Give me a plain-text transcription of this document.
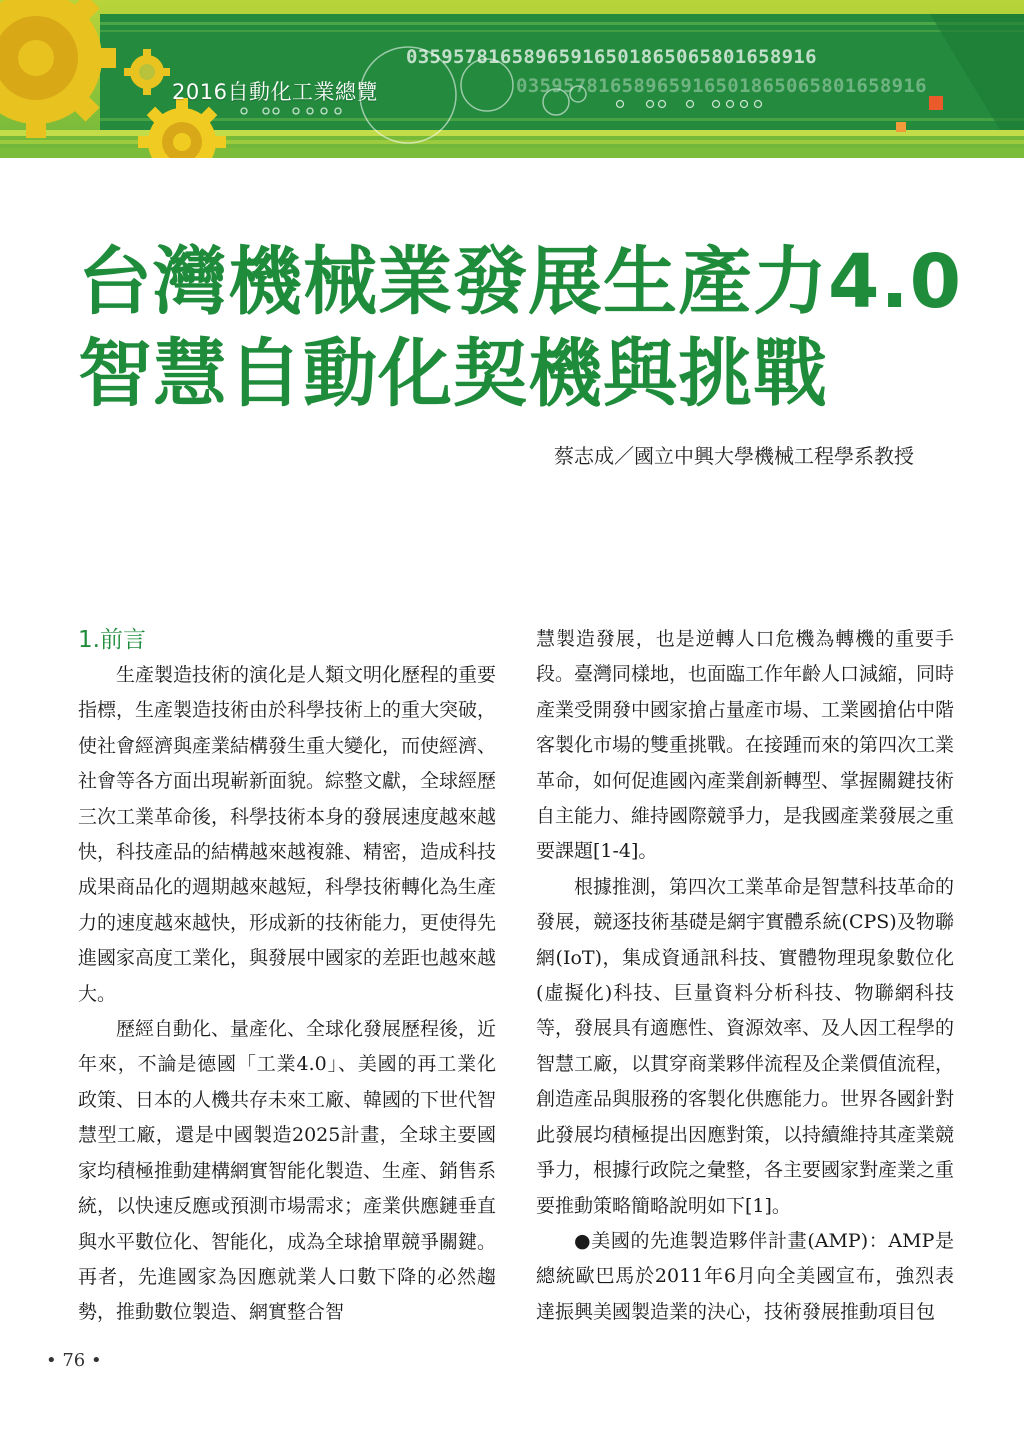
03595781658965916501865065801658916
03595781658965916501865065801658916
2016自動化工業總覽
台灣機械業發展生產力4.0
智慧自動化契機與挑戰
蔡志成／國立中興大學機械工程學系教授
1.前言

生產製造技術的演化是人類文明化歷程的重要指標，生產製造技術由於科學技術上的重大突破，使社會經濟與產業結構發生重大變化，而使經濟、社會等各方面出現嶄新面貌。綜整文獻，全球經歷三次工業革命後，科學技術本身的發展速度越來越快，科技產品的結構越來越複雜、精密，造成科技成果商品化的週期越來越短，科學技術轉化為生產力的速度越來越快，形成新的技術能力，更使得先進國家高度工業化，與發展中國家的差距也越來越大。

歷經自動化、量產化、全球化發展歷程後，近年來，不論是德國「工業4.0」、美國的再工業化政策、日本的人機共存未來工廠、韓國的下世代智慧型工廠，還是中國製造2025計畫，全球主要國家均積極推動建構網實智能化製造、生產、銷售系統，以快速反應或預測市場需求；產業供應鏈垂直與水平數位化、智能化，成為全球搶單競爭關鍵。再者，先進國家為因應就業人口數下降的必然趨勢，推動數位製造、網實整合智

慧製造發展，也是逆轉人口危機為轉機的重要手段。臺灣同樣地，也面臨工作年齡人口減縮，同時產業受開發中國家搶占量產市場、工業國搶佔中階客製化市場的雙重挑戰。在接踵而來的第四次工業革命，如何促進國內產業創新轉型、掌握關鍵技術自主能力、維持國際競爭力，是我國產業發展之重要課題[1-4]。

根據推測，第四次工業革命是智慧科技革命的發展，競逐技術基礎是網宇實體系統(CPS)及物聯網(IoT)，集成資通訊科技、實體物理現象數位化(虛擬化)科技、巨量資料分析科技、物聯網科技等，發展具有適應性、資源效率、及人因工程學的智慧工廠，以貫穿商業夥伴流程及企業價值流程，創造產品與服務的客製化供應能力。世界各國針對此發展均積極提出因應對策，以持續維持其產業競爭力，根據行政院之彙整，各主要國家對產業之重要推動策略簡略說明如下[1]。

●美國的先進製造夥伴計畫(AMP)：AMP是總統歐巴馬於2011年6月向全美國宣布，強烈表達振興美國製造業的決心，技術發展推動項目包

• 76 •
